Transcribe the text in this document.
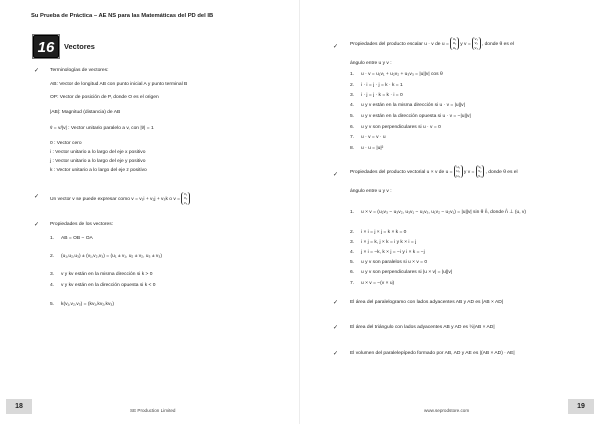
Su Prueba de Práctica – AE NS para las Matemáticas del PD del IB
16	Vectores
✓ Terminologías de vectores:
AB: Vector de longitud AB con punto inicial A y punto terminal B
OP: Vector de posición de P, donde O es el origen
|AB|: Magnitud (distancia) de AB
v̂ = v/|v| : Vector unitario paralelo a v, con |v̂| = 1
0 : Vector cero
i : Vector unitario a lo largo del eje x positivo
j : Vector unitario a lo largo del eje y positivo
k : Vector unitario a lo largo del eje z positivo
✓ Un vector v se puede expresar como v = v₁i + v₂j + v₃k o v = v₁
v₂
v₃
✓ Propiedades de los vectores:
1. AB = OB − OA
2. (u₁,u₂,u₃) ± (v₁,v₂,v₃) = (u₁ ± v₁, u₂ ± v₂, u₃ ± v₃)
3. v y kv están en la misma dirección si k > 0
4. v y kv están en la dirección opuesta si k < 0
5. k(v₁,v₂,v₃) = (kv₁,kv₂,kv₃)
✓ Propiedades del producto escalar u · v de u = u₁
u₂
u₃ y v = v₁
v₂
v₃ , donde θ es el
ángulo entre u y v :
1. u · v = u₁v₁ + u₂v₂ + u₃v₃ = |u||v| cos θ
2. i · i = j · j = k · k = 1
3. i · j = j · k = k · i = 0
4. u y v están en la misma dirección si u · v = |u||v|
5. u y v están en la dirección opuesta si u · v = −|u||v|
6. u y v son perpendiculares si u · v = 0
7. u · v = v · u
8. u · u = |u|²
✓ Propiedades del producto vectorial u × v de u = u₁
u₂
u₃ y v = v₁
v₂
v₃ , donde θ es el
ángulo entre u y v :
1. u × v = (u₂v₃ − u₃v₂, u₃v₁ − u₁v₃, u₁v₂ − u₂v₁) = |u||v| sin θ n̂, donde n̂ ⊥ (u, v)
2. i × i = j × j = k × k = 0
3. i × j = k, j × k = i y k × i = j
4. j × i = −k, k × j = −i y i × k = −j
5. u y v son paralelos si u × v = 0
6. u y v son perpendiculares si |u × v| = |u||v|
7. u × v = −(v × u)
✓ El área del paralelogramo con lados adyacentes AB y AD es |AB × AD|
✓ El área del triángulo con lados adyacentes AB y AD es ½|AB × AD|
✓ El volumen del paralelepípedo formado por AB, AD y AE es |(AB × AD) · AE|
18	19
SE Production Limited	www.seprodstore.com
